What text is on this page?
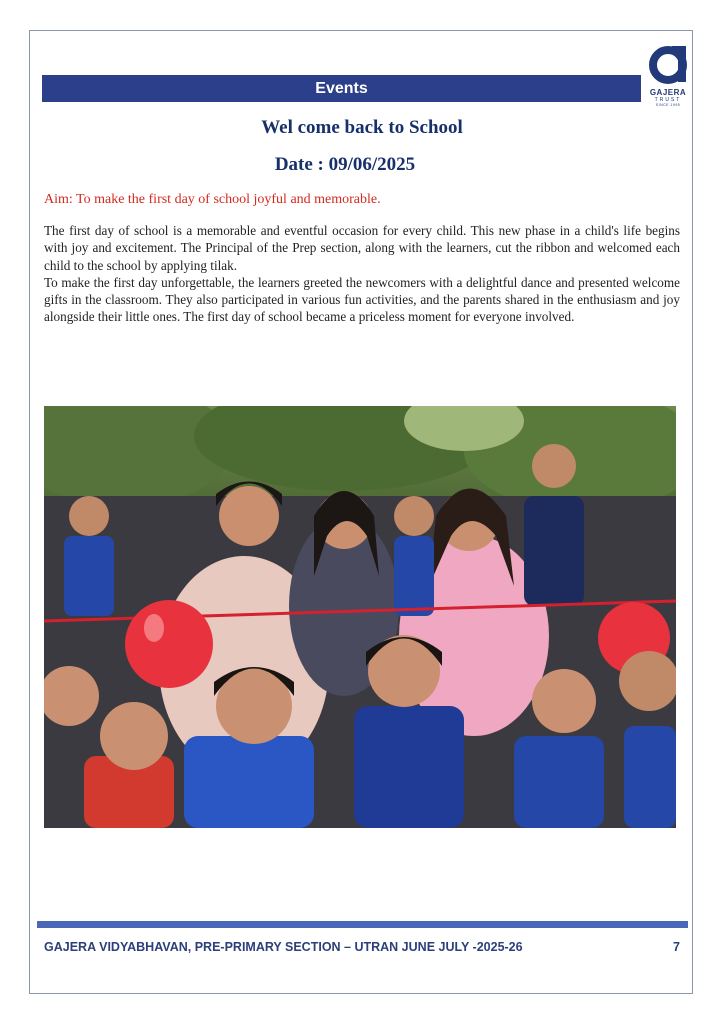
Events	GAJERA
TRUST
SINCE 1995
Wel come back to School
Date : 09/06/2025
Aim: To make the first day of school joyful and memorable.

The first day of school is a memorable and eventful occasion for every child. This new phase in a child's life begins with joy and excitement. The Principal of the Prep section, along with the learners, cut the ribbon and welcomed each child to the school by applying tilak.

To make the first day unforgettable, the learners greeted the newcomers with a delightful dance and presented welcome gifts in the classroom. They also participated in various fun activities, and the parents shared in the enthusiasm and joy alongside their little ones. The first day of school became a priceless moment for everyone involved.

GAJERA VIDYABHAVAN, PRE-PRIMARY SECTION – UTRAN JUNE JULY -2025-26	7
